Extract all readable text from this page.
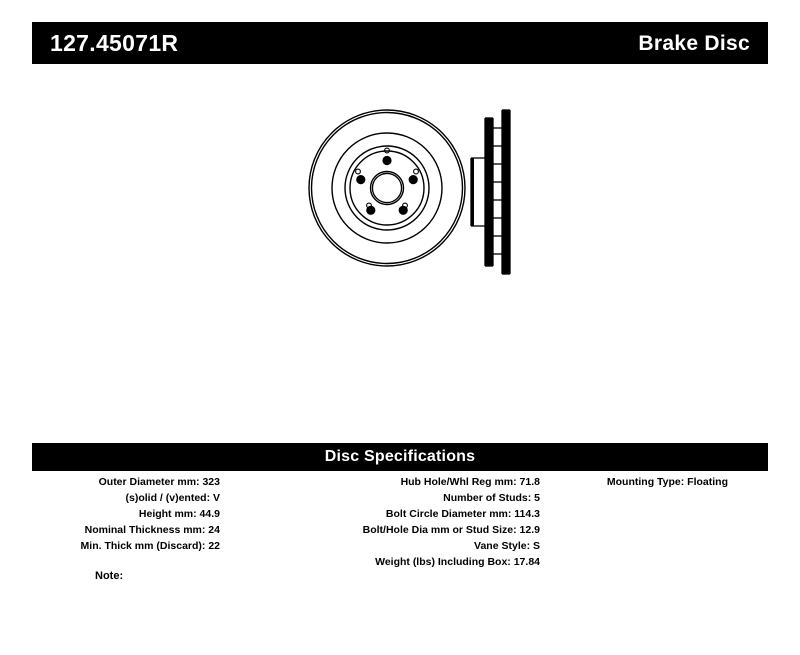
127.45071R	Brake Disc
Disc Specifications
Outer Diameter mm: 323
(s)olid / (v)ented: V
Height mm: 44.9
Nominal Thickness mm: 24
Min. Thick mm (Discard): 22
Hub Hole/Whl Reg mm: 71.8
Number of Studs: 5
Bolt Circle Diameter mm: 114.3
Bolt/Hole Dia mm or Stud Size: 12.9
Vane Style: S
Weight (lbs) Including Box: 17.84
Mounting Type: Floating
Note:
